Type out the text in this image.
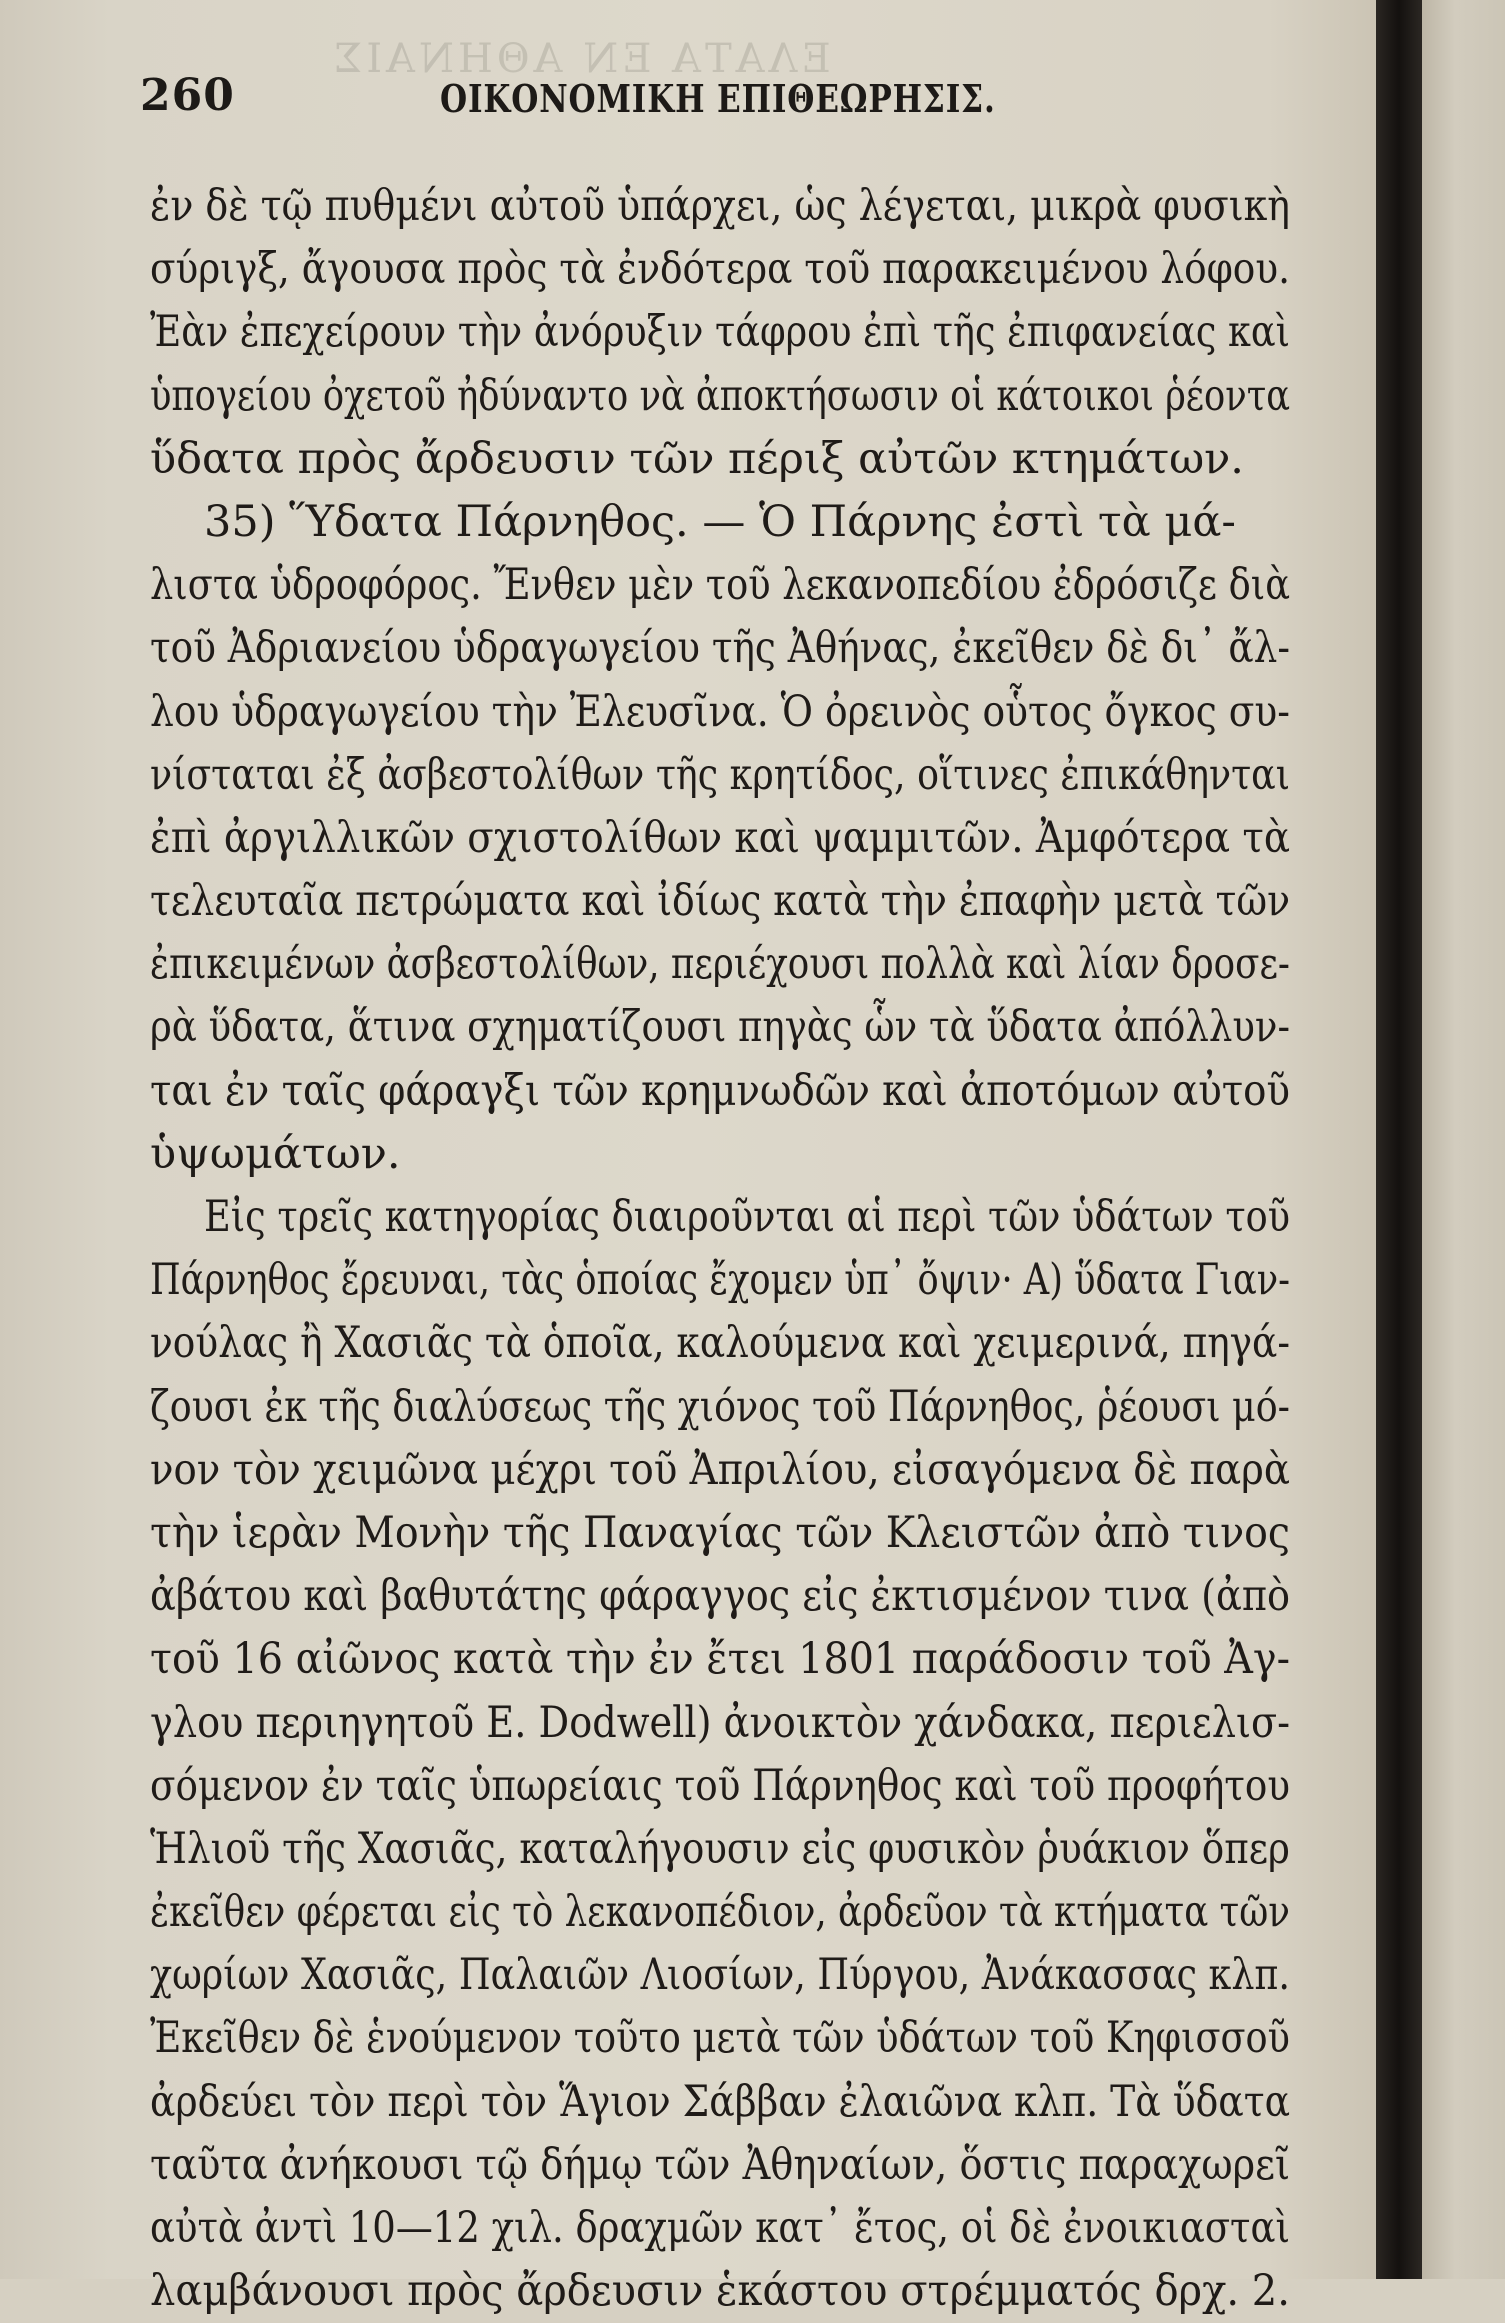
ΕΛΑΤΑ ΕΝ ΑΘΗΝΑΙΣ
260	ΟΙΚΟΝΟΜΙΚΗ ΕΠΙΘΕΩΡΗΣΙΣ.
ἐν δὲ τῷ πυθμένι αὐτοῦ ὑπάρχει, ὡς λέγεται, μικρὰ φυσικὴ
σύριγξ, ἄγουσα πρὸς τὰ ἐνδότερα τοῦ παρακειμένου λόφου.
Ἐὰν ἐπεχείρουν τὴν ἀνόρυξιν τάφρου ἐπὶ τῆς ἐπιφανείας καὶ
ὑπογείου ὀχετοῦ ἠδύναντο νὰ ἀποκτήσωσιν οἱ κάτοικοι ῥέοντα
ὕδατα πρὸς ἄρδευσιν τῶν πέριξ αὐτῶν κτημάτων.
35) Ὕδατα Πάρνηθος. — Ὁ Πάρνης ἐστὶ τὰ μά-
λιστα ὑδροφόρος. Ἔνθεν μὲν τοῦ λεκανοπεδίου ἐδρόσιζε διὰ
τοῦ Ἀδριανείου ὑδραγωγείου τῆς Ἀθήνας, ἐκεῖθεν δὲ δι᾽ ἄλ-
λου ὑδραγωγείου τὴν Ἐλευσῖνα. Ὁ ὀρεινὸς οὗτος ὄγκος συ-
νίσταται ἐξ ἀσβεστολίθων τῆς κρητίδος, οἵτινες ἐπικάθηνται
ἐπὶ ἀργιλλικῶν σχιστολίθων καὶ ψαμμιτῶν. Ἀμφότερα τὰ
τελευταῖα πετρώματα καὶ ἰδίως κατὰ τὴν ἐπαφὴν μετὰ τῶν
ἐπικειμένων ἀσβεστολίθων, περιέχουσι πολλὰ καὶ λίαν δροσε-
ρὰ ὕδατα, ἅτινα σχηματίζουσι πηγὰς ὧν τὰ ὕδατα ἀπόλλυν-
ται ἐν ταῖς φάραγξι τῶν κρημνωδῶν καὶ ἀποτόμων αὐτοῦ
ὑψωμάτων.
Εἰς τρεῖς κατηγορίας διαιροῦνται αἱ περὶ τῶν ὑδάτων τοῦ
Πάρνηθος ἔρευναι, τὰς ὁποίας ἔχομεν ὑπ᾽ ὄψιν· Α) ὕδατα Γιαν-
νούλας ἢ Χασιᾶς τὰ ὁποῖα, καλούμενα καὶ χειμερινά, πηγά-
ζουσι ἐκ τῆς διαλύσεως τῆς χιόνος τοῦ Πάρνηθος, ῥέουσι μό-
νον τὸν χειμῶνα μέχρι τοῦ Ἀπριλίου, εἰσαγόμενα δὲ παρὰ
τὴν ἱερὰν Μονὴν τῆς Παναγίας τῶν Κλειστῶν ἀπὸ τινος
ἀβάτου καὶ βαθυτάτης φάραγγος εἰς ἐκτισμένον τινα (ἀπὸ
τοῦ 16 αἰῶνος κατὰ τὴν ἐν ἔτει 1801 παράδοσιν τοῦ Ἀγ-
γλου περιηγητοῦ E. Dodwell) ἀνοικτὸν χάνδακα, περιελισ-
σόμενον ἐν ταῖς ὑπωρείαις τοῦ Πάρνηθος καὶ τοῦ προφήτου
Ἡλιοῦ τῆς Χασιᾶς, καταλήγουσιν εἰς φυσικὸν ῥυάκιον ὅπερ
ἐκεῖθεν φέρεται εἰς τὸ λεκανοπέδιον, ἀρδεῦον τὰ κτήματα τῶν
χωρίων Χασιᾶς, Παλαιῶν Λιοσίων, Πύργου, Ἀνάκασσας κλπ.
Ἐκεῖθεν δὲ ἑνούμενον τοῦτο μετὰ τῶν ὑδάτων τοῦ Κηφισσοῦ
ἀρδεύει τὸν περὶ τὸν Ἅγιον Σάββαν ἐλαιῶνα κλπ. Τὰ ὕδατα
ταῦτα ἀνήκουσι τῷ δήμῳ τῶν Ἀθηναίων, ὅστις παραχωρεῖ
αὐτὰ ἀντὶ 10—12 χιλ. δραχμῶν κατ᾽ ἔτος, οἱ δὲ ἐνοικιασταὶ
λαμβάνουσι πρὸς ἄρδευσιν ἑκάστου στρέμματός δρχ. 2.
